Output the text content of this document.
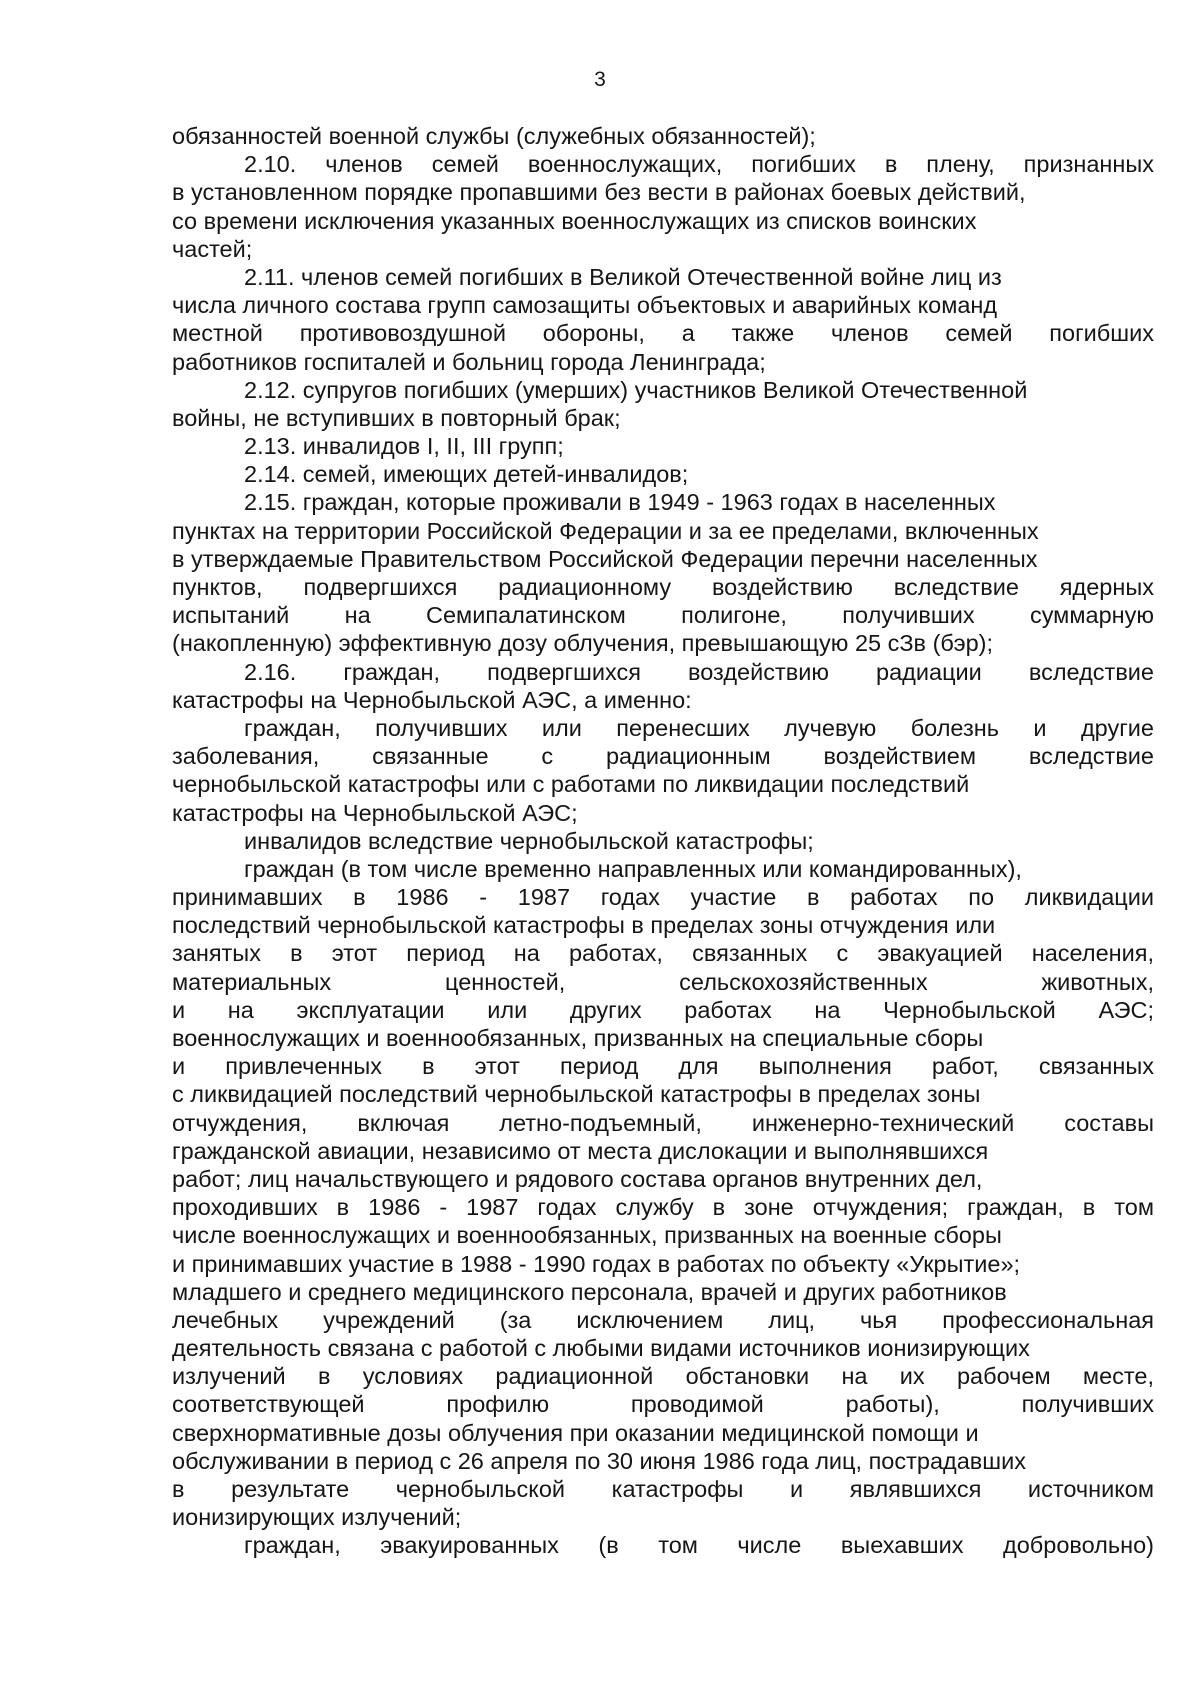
3
обязанностей военной службы (служебных обязанностей);
2.10. членов семей военнослужащих, погибших в плену, признанных
в установленном порядке пропавшими без вести в районах боевых действий,
со времени исключения указанных военнослужащих из списков воинских
частей;
2.11. членов семей погибших в Великой Отечественной войне лиц из
числа личного состава групп самозащиты объектовых и аварийных команд
местной противовоздушной обороны, а также членов семей погибших
работников госпиталей и больниц города Ленинграда;
2.12. супругов погибших (умерших) участников Великой Отечественной
войны, не вступивших в повторный брак;
2.13. инвалидов I, II, III групп;
2.14. семей, имеющих детей-инвалидов;
2.15. граждан, которые проживали в 1949 - 1963 годах в населенных
пунктах на территории Российской Федерации и за ее пределами, включенных
в утверждаемые Правительством Российской Федерации перечни населенных
пунктов, подвергшихся радиационному воздействию вследствие ядерных
испытаний на Семипалатинском полигоне, получивших суммарную
(накопленную) эффективную дозу облучения, превышающую 25 сЗв (бэр);
2.16. граждан, подвергшихся воздействию радиации вследствие
катастрофы на Чернобыльской АЭС, а именно:
граждан, получивших или перенесших лучевую болезнь и другие
заболевания, связанные с радиационным воздействием вследствие
чернобыльской катастрофы или с работами по ликвидации последствий
катастрофы на Чернобыльской АЭС;
инвалидов вследствие чернобыльской катастрофы;
граждан (в том числе временно направленных или командированных),
принимавших в 1986 - 1987 годах участие в работах по ликвидации
последствий чернобыльской катастрофы в пределах зоны отчуждения или
занятых в этот период на работах, связанных с эвакуацией населения,
материальных ценностей, сельскохозяйственных животных,
и на эксплуатации или других работах на Чернобыльской АЭС;
военнослужащих и военнообязанных, призванных на специальные сборы
и привлеченных в этот период для выполнения работ, связанных
с ликвидацией последствий чернобыльской катастрофы в пределах зоны
отчуждения, включая летно-подъемный, инженерно-технический составы
гражданской авиации, независимо от места дислокации и выполнявшихся
работ; лиц начальствующего и рядового состава органов внутренних дел,
проходивших в 1986 - 1987 годах службу в зоне отчуждения; граждан, в том
числе военнослужащих и военнообязанных, призванных на военные сборы
и принимавших участие в 1988 - 1990 годах в работах по объекту «Укрытие»;
младшего и среднего медицинского персонала, врачей и других работников
лечебных учреждений (за исключением лиц, чья профессиональная
деятельность связана с работой с любыми видами источников ионизирующих
излучений в условиях радиационной обстановки на их рабочем месте,
соответствующей профилю проводимой работы), получивших
сверхнормативные дозы облучения при оказании медицинской помощи и
обслуживании в период с 26 апреля по 30 июня 1986 года лиц, пострадавших
в результате чернобыльской катастрофы и являвшихся источником
ионизирующих излучений;
граждан, эвакуированных (в том числе выехавших добровольно)
